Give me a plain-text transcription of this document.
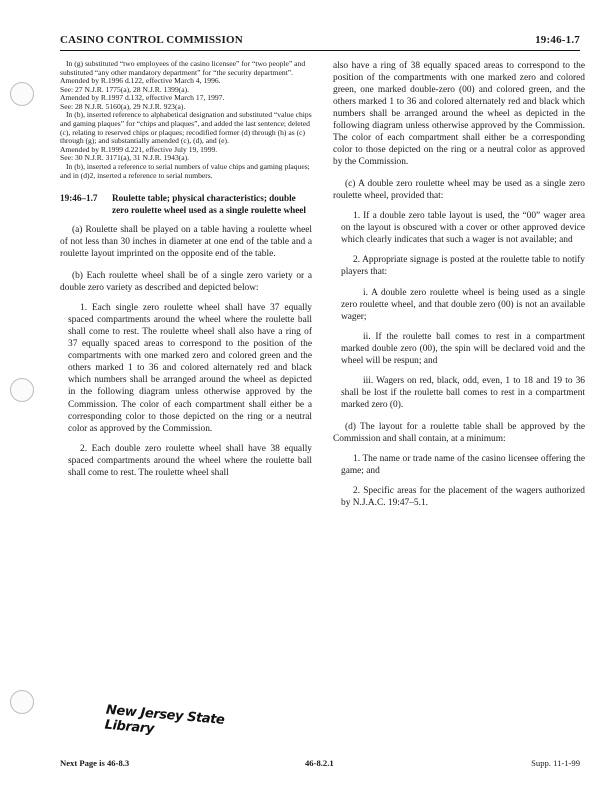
CASINO CONTROL COMMISSION	19:46-1.7

In (g) substituted “two employees of the casino licensee” for “two people” and substituted “any other mandatory department” for “the security department”.

Amended by R.1996 d.122, effective March 4, 1996.

See: 27 N.J.R. 1775(a), 28 N.J.R. 1399(a).

Amended by R.1997 d.132, effective March 17, 1997.

See: 28 N.J.R. 5160(a), 29 N.J.R. 923(a).

In (b), inserted reference to alphabetical designation and substituted “value chips and gaming plaques” for “chips and plaques”, and added the last sentence; deleted (c), relating to reserved chips or plaques; recodified former (d) through (h) as (c) through (g); and substantially amended (c), (d), and (e).

Amended by R.1999 d.221, effective July 19, 1999.

See: 30 N.J.R. 3171(a), 31 N.J.R. 1943(a).

In (b), inserted a reference to serial numbers of value chips and gaming plaques; and in (d)2, inserted a reference to serial numbers.

19:46–1.7	Roulette table; physical characteristics; double zero roulette wheel used as a single roulette wheel

(a) Roulette shall be played on a table having a roulette wheel of not less than 30 inches in diameter at one end of the table and a roulette layout imprinted on the opposite end of the table.

(b) Each roulette wheel shall be of a single zero variety or a double zero variety as described and depicted below:

1. Each single zero roulette wheel shall have 37 equally spaced compartments around the wheel where the roulette ball shall come to rest. The roulette wheel shall also have a ring of 37 equally spaced areas to correspond to the position of the compartments with one marked zero and colored green and the others marked 1 to 36 and colored alternately red and black which numbers shall be arranged around the wheel as depicted in the following diagram unless otherwise approved by the Commission. The color of each compartment shall either be a corresponding color to those depicted on the ring or a neutral color as approved by the Commission.

2. Each double zero roulette wheel shall have 38 equally spaced compartments around the wheel where the roulette ball shall come to rest. The roulette wheel shall

also have a ring of 38 equally spaced areas to correspond to the position of the compartments with one marked zero and colored green, one marked double-zero (00) and colored green, and the others marked 1 to 36 and colored alternately red and black which numbers shall be arranged around the wheel as depicted in the following diagram unless otherwise approved by the Commission. The color of each compartment shall either be a corresponding color to those depicted on the ring or a neutral color as approved by the Commission.

(c) A double zero roulette wheel may be used as a single zero roulette wheel, provided that:

1. If a double zero table layout is used, the “00” wager area on the layout is obscured with a cover or other approved device which clearly indicates that such a wager is not available; and

2. Appropriate signage is posted at the roulette table to notify players that:

i. A double zero roulette wheel is being used as a single zero roulette wheel, and that double zero (00) is not an available wager;

ii. If the roulette ball comes to rest in a compartment marked double zero (00), the spin will be declared void and the wheel will be respun; and

iii. Wagers on red, black, odd, even, 1 to 18 and 19 to 36 shall be lost if the roulette ball comes to rest in a compartment marked zero (0).

(d) The layout for a roulette table shall be approved by the Commission and shall contain, at a minimum:

1. The name or trade name of the casino licensee offering the game; and

2. Specific areas for the placement of the wagers authorized by N.J.A.C. 19:47–5.1.

New Jersey State Library
Next Page is 46-8.3	46-8.2.1	Supp. 11-1-99
